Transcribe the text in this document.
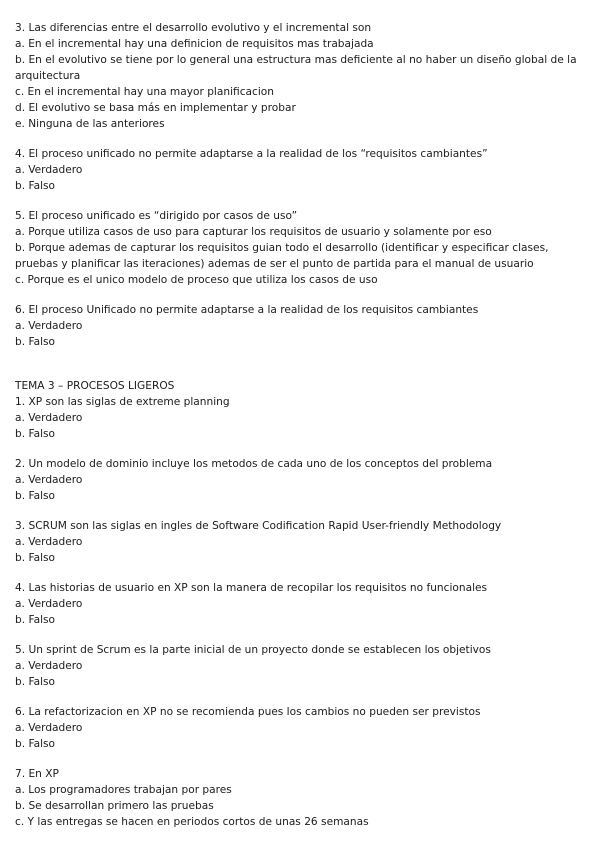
3. Las diferencias entre el desarrollo evolutivo y el incremental son
a. En el incremental hay una definicion de requisitos mas trabajada
b. En el evolutivo se tiene por lo general una estructura mas deficiente al no haber un diseño global de la arquitectura
c. En el incremental hay una mayor planificacion
d. El evolutivo se basa más en implementar y probar
e. Ninguna de las anteriores
4. El proceso unificado no permite adaptarse a la realidad de los “requisitos cambiantes”
a. Verdadero
b. Falso
5. El proceso unificado es “dirigido por casos de uso”
a. Porque utiliza casos de uso para capturar los requisitos de usuario y solamente por eso
b. Porque ademas de capturar los requisitos guian todo el desarrollo (identificar y especificar clases, pruebas y planificar las iteraciones) ademas de ser el punto de partida para el manual de usuario
c. Porque es el unico modelo de proceso que utiliza los casos de uso
6. El proceso Unificado no permite adaptarse a la realidad de los requisitos cambiantes
a. Verdadero
b. Falso
TEMA 3 – PROCESOS LIGEROS
1. XP son las siglas de extreme planning
a. Verdadero
b. Falso
2. Un modelo de dominio incluye los metodos de cada uno de los conceptos del problema
a. Verdadero
b. Falso
3. SCRUM son las siglas en ingles de Software Codification Rapid User-friendly Methodology
a. Verdadero
b. Falso
4. Las historias de usuario en XP son la manera de recopilar los requisitos no funcionales
a. Verdadero
b. Falso
5. Un sprint de Scrum es la parte inicial de un proyecto donde se establecen los objetivos
a. Verdadero
b. Falso
6. La refactorizacion en XP no se recomienda pues los cambios no pueden ser previstos
a. Verdadero
b. Falso
7. En XP
a. Los programadores trabajan por pares
b. Se desarrollan primero las pruebas
c. Y las entregas se hacen en periodos cortos de unas 26 semanas
